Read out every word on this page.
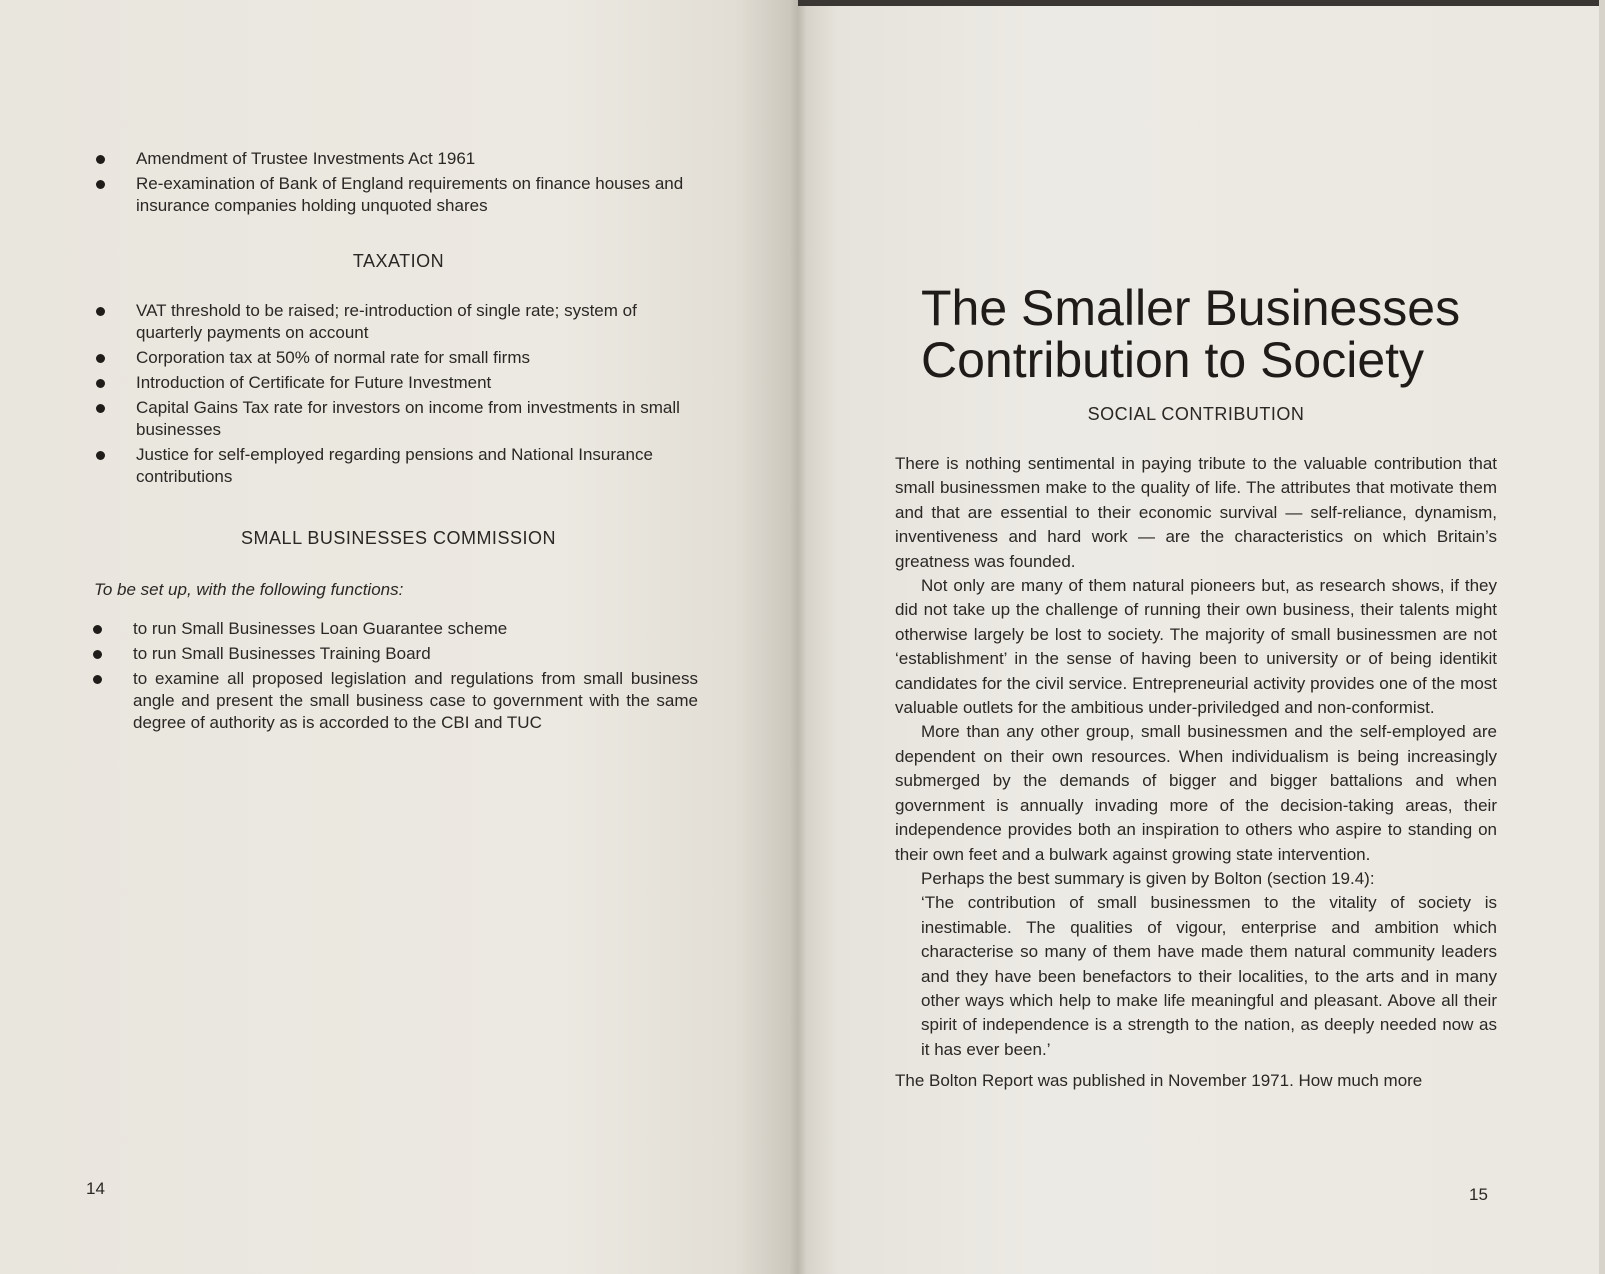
Amendment of Trustee Investments Act 1961
Re-examination of Bank of England requirements on finance houses and insurance companies holding unquoted shares
TAXATION
VAT threshold to be raised; re-introduction of single rate; system of quarterly payments on account
Corporation tax at 50% of normal rate for small firms
Introduction of Certificate for Future Investment
Capital Gains Tax rate for investors on income from investments in small businesses
Justice for self-employed regarding pensions and National Insurance contributions
SMALL BUSINESSES COMMISSION
To be set up, with the following functions:
to run Small Businesses Loan Guarantee scheme
to run Small Businesses Training Board
to examine all proposed legislation and regulations from small business angle and present the small business case to government with the same degree of authority as is accorded to the CBI and TUC
14
The Smaller Businesses Contribution to Society
SOCIAL CONTRIBUTION

There is nothing sentimental in paying tribute to the valuable contribution that small businessmen make to the quality of life. The attributes that motivate them and that are essential to their economic survival — self-reliance, dynamism, inventiveness and hard work — are the characteristics on which Britain’s greatness was founded.

Not only are many of them natural pioneers but, as research shows, if they did not take up the challenge of running their own business, their talents might otherwise largely be lost to society. The majority of small businessmen are not ‘establishment’ in the sense of having been to university or of being identikit candidates for the civil service. Entrepreneurial activity provides one of the most valuable outlets for the ambitious under-priviledged and non-conformist.

More than any other group, small businessmen and the self-employed are dependent on their own resources. When individualism is being increasingly submerged by the demands of bigger and bigger battalions and when government is annually invading more of the decision-taking areas, their independence provides both an inspiration to others who aspire to standing on their own feet and a bulwark against growing state intervention.

Perhaps the best summary is given by Bolton (section 19.4):

‘The contribution of small businessmen to the vitality of society is inestimable. The qualities of vigour, enterprise and ambition which characterise so many of them have made them natural community leaders and they have been benefactors to their localities, to the arts and in many other ways which help to make life meaningful and pleasant. Above all their spirit of independence is a strength to the nation, as deeply needed now as it has ever been.’

The Bolton Report was published in November 1971. How much more

15
